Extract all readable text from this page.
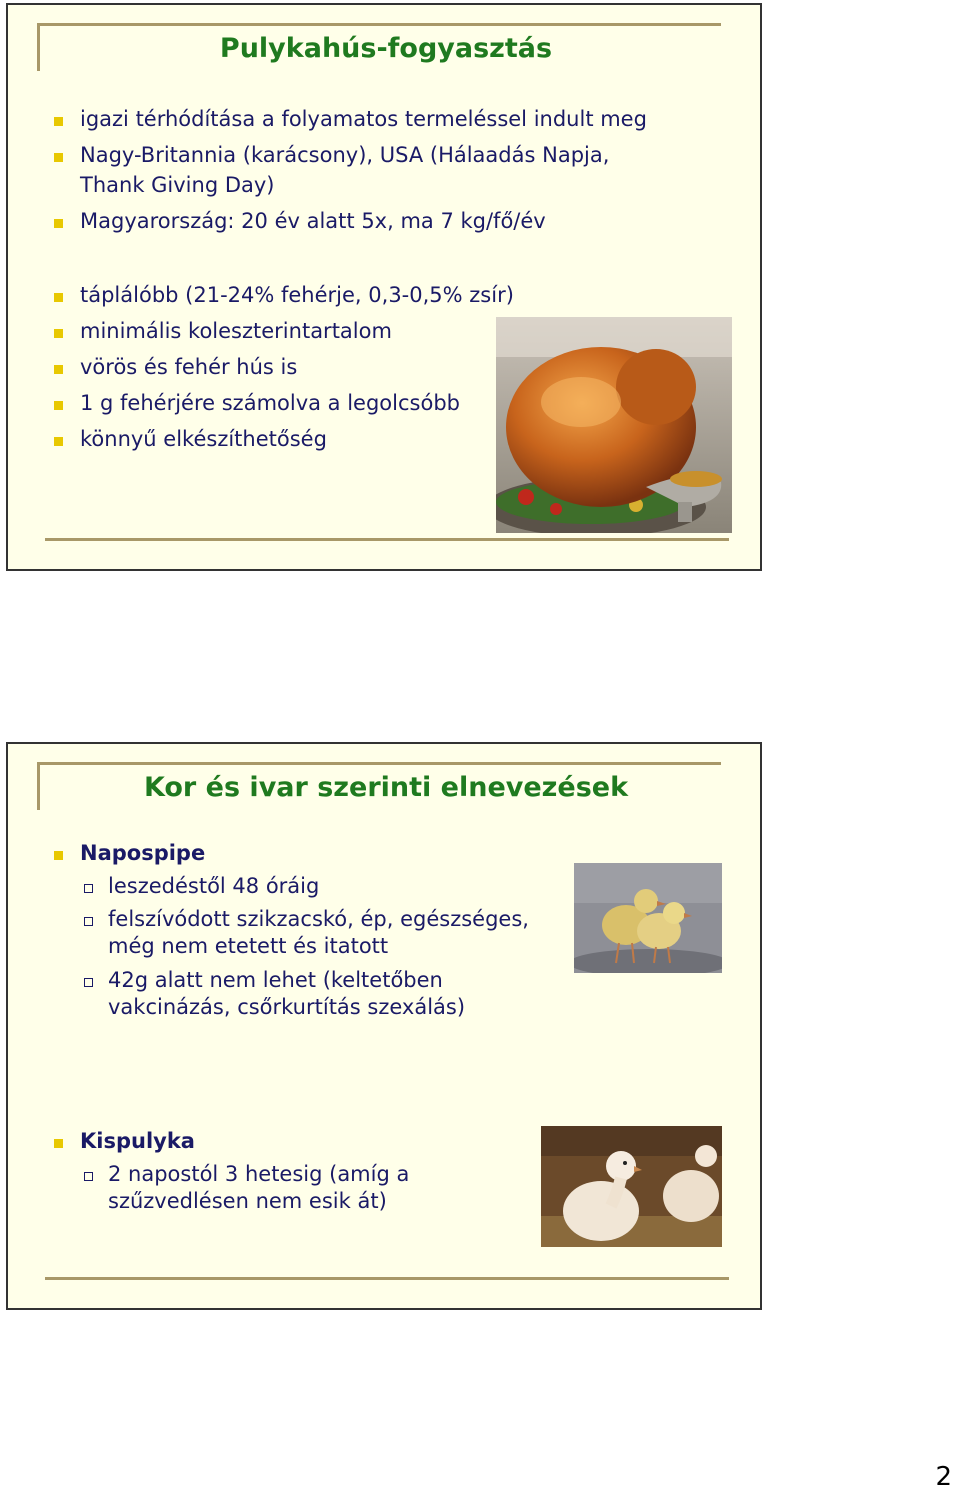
Pulykahús-fogyasztás
igazi térhódítása a folyamatos termeléssel indult meg
Nagy-Britannia (karácsony), USA (Hálaadás Napja,
Thank Giving Day)
Magyarország: 20 év alatt 5x, ma 7 kg/fő/év
táplálóbb (21-24% fehérje, 0,3-0,5% zsír)
minimális koleszterintartalom
vörös és fehér hús is
1 g fehérjére számolva a legolcsóbb
könnyű elkészíthetőség
Kor és ivar szerinti elnevezések
Napospipe
leszedéstől 48 óráig
felszívódott szikzacskó, ép, egészséges,
még nem etetett és itatott
42g alatt nem lehet (keltetőben
vakcinázás, csőrkurtítás szexálás)
Kispulyka
2 napostól 3 hetesig (amíg a
szűzvedlésen nem esik át)
2
